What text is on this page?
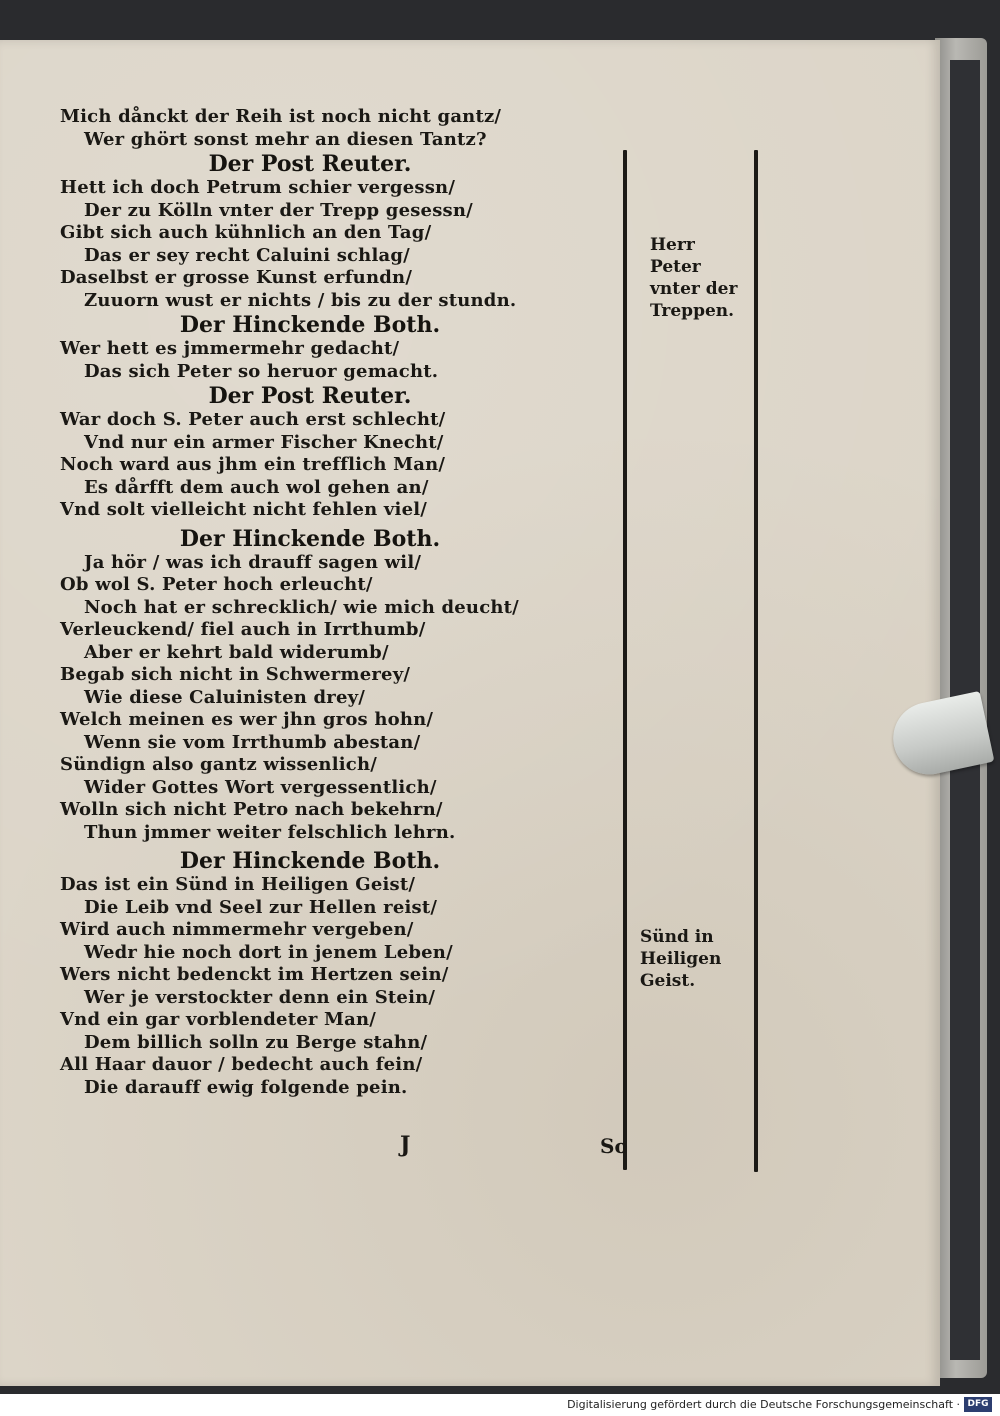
Mich dånckt der Reih ist noch nicht gantz/
Wer ghört sonst mehr an diesen Tantz?
Der Post Reuter.
Hett ich doch Petrum schier vergessn/
Der zu Kölln vnter der Trepp gesessn/
Gibt sich auch kühnlich an den Tag/
Das er sey recht Caluini schlag/
Daselbst er grosse Kunst erfundn/
Zuuorn wust er nichts / bis zu der stundn.
Der Hinckende Both.
Wer hett es jmmermehr gedacht/
Das sich Peter so heruor gemacht.
Der Post Reuter.
War doch S. Peter auch erst schlecht/
Vnd nur ein armer Fischer Knecht/
Noch ward aus jhm ein trefflich Man/
Es dårfft dem auch wol gehen an/
Vnd solt vielleicht nicht fehlen viel/
Der Hinckende Both.
Ja hör / was ich drauff sagen wil/
Ob wol S. Peter hoch erleucht/
Noch hat er schrecklich/ wie mich deucht/
Verleuckend/ fiel auch in Irrthumb/
Aber er kehrt bald widerumb/
Begab sich nicht in Schwermerey/
Wie diese Caluinisten drey/
Welch meinen es wer jhn gros hohn/
Wenn sie vom Irrthumb abestan/
Sündign also gantz wissenlich/
Wider Gottes Wort vergessentlich/
Wolln sich nicht Petro nach bekehrn/
Thun jmmer weiter felschlich lehrn.
Der Hinckende Both.
Das ist ein Sünd in Heiligen Geist/
Die Leib vnd Seel zur Hellen reist/
Wird auch nimmermehr vergeben/
Wedr hie noch dort in jenem Leben/
Wers nicht bedenckt im Hertzen sein/
Wer je verstockter denn ein Stein/
Vnd ein gar vorblendeter Man/
Dem billich solln zu Berge stahn/
All Haar dauor / bedecht auch fein/
Die darauff ewig folgende pein.
Herr Peter vnter der Treppen.
Sünd in Heiligen Geist.
J	So
Digitalisierung gefördert durch die Deutsche Forschungsgemeinschaft · DFG
